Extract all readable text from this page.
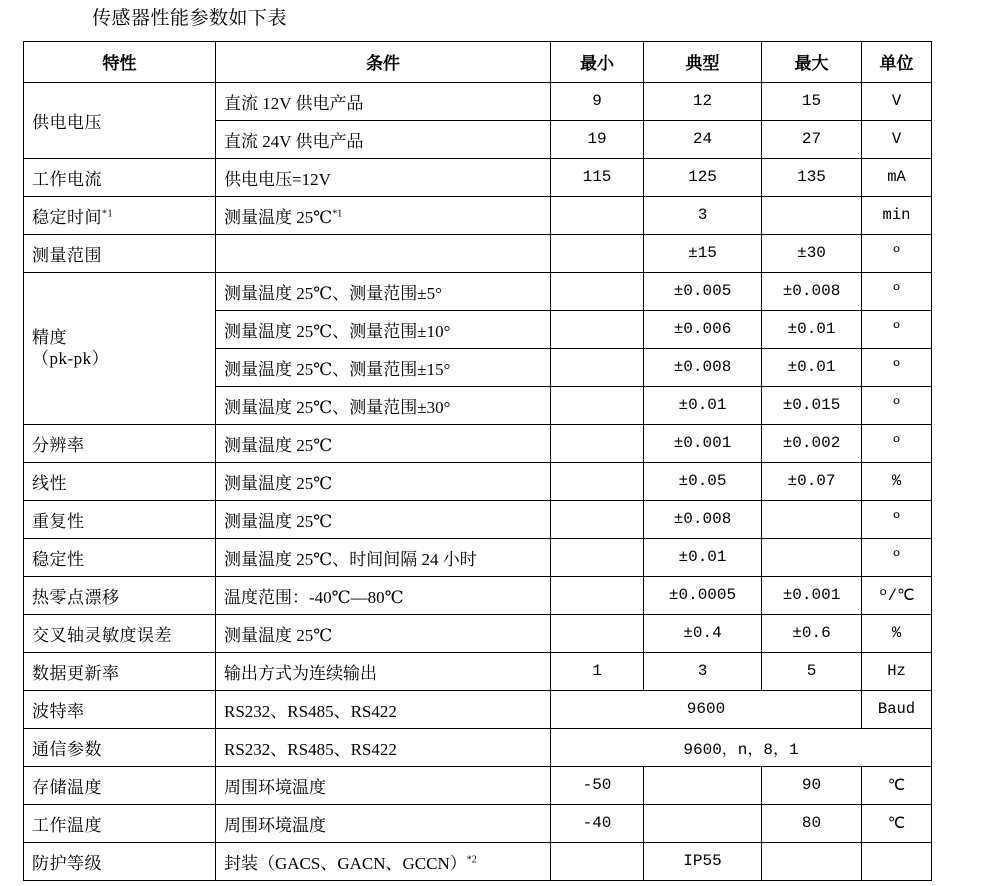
传感器性能参数如下表
特性	条件	最小	典型	最大	单位
供电电压	直流 12V 供电产品	9	12	15	V
	直流 24V 供电产品	19	24	27	V
工作电流	供电电压=12V	115	125	135	mA
稳定时间$^{*1}$	测量温度 25℃$^{*1}$		3		min
测量范围			±15	±30	º

精度
（pk-pk）	测量温度 25℃、测量范围±5°		±0.005	±0.008	º
	测量温度 25℃、测量范围±10°		±0.006	±0.01	º
	测量温度 25℃、测量范围±15°		±0.008	±0.01	º
	测量温度 25℃、测量范围±30°		±0.01	±0.015	º
分辨率	测量温度 25℃		±0.001	±0.002	º
线性	测量温度 25℃		±0.05	±0.07	%
重复性	测量温度 25℃		±0.008		º
稳定性	测量温度 25℃、时间间隔 24 小时		±0.01		º
热零点漂移	温度范围：-40℃—80℃		±0.0005	±0.001	º/℃
交叉轴灵敏度误差	测量温度 25℃		±0.4	±0.6	%
数据更新率	输出方式为连续输出	1	3	5	Hz
波特率	RS232、RS485、RS422	9600			Baud
通信参数	RS232、RS485、RS422	9600，n，8，1			
存储温度	周围环境温度	-50		90	℃
工作温度	周围环境温度	-40		80	℃
防护等级	封装（GACS、GACN、GCCN）$^{*2}$		IP55		
